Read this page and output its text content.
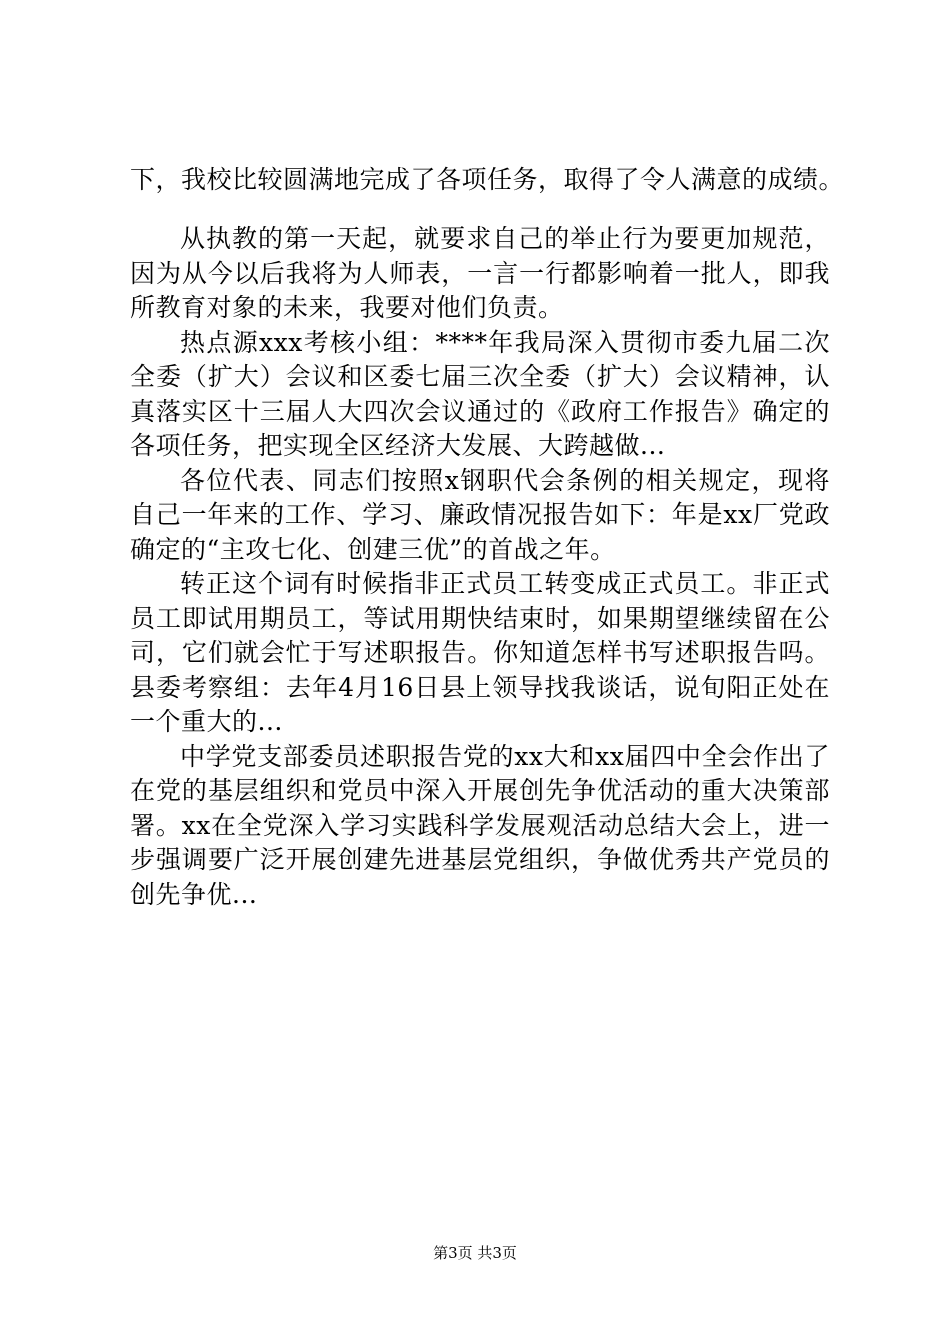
下，我校比较圆满地完成了各项任务，取得了令人满意的成绩。

从执教的第一天起，就要求自己的举止行为要更加规范，因为从今以后我将为人师表，一言一行都影响着一批人，即我所教育对象的未来，我要对他们负责。

热点源xxx考核小组：****年我局深入贯彻市委九届二次全委（扩大）会议和区委七届三次全委（扩大）会议精神，认真落实区十三届人大四次会议通过的《政府工作报告》确定的各项任务，把实现全区经济大发展、大跨越做...

各位代表、同志们按照x钢职代会条例的相关规定，现将自己一年来的工作、学习、廉政情况报告如下：年是xx厂党政确定的“主攻七化、创建三优”的首战之年。

转正这个词有时候指非正式员工转变成正式员工。非正式员工即试用期员工，等试用期快结束时，如果期望继续留在公司，它们就会忙于写述职报告。你知道怎样书写述职报告吗。县委考察组：去年4月16日县上领导找我谈话，说旬阳正处在一个重大的...

中学党支部委员述职报告党的xx大和xx届四中全会作出了在党的基层组织和党员中深入开展创先争优活动的重大决策部署。xx在全党深入学习实践科学发展观活动总结大会上，进一步强调要广泛开展创建先进基层党组织，争做优秀共产党员的创先争优...

第3页 共3页
